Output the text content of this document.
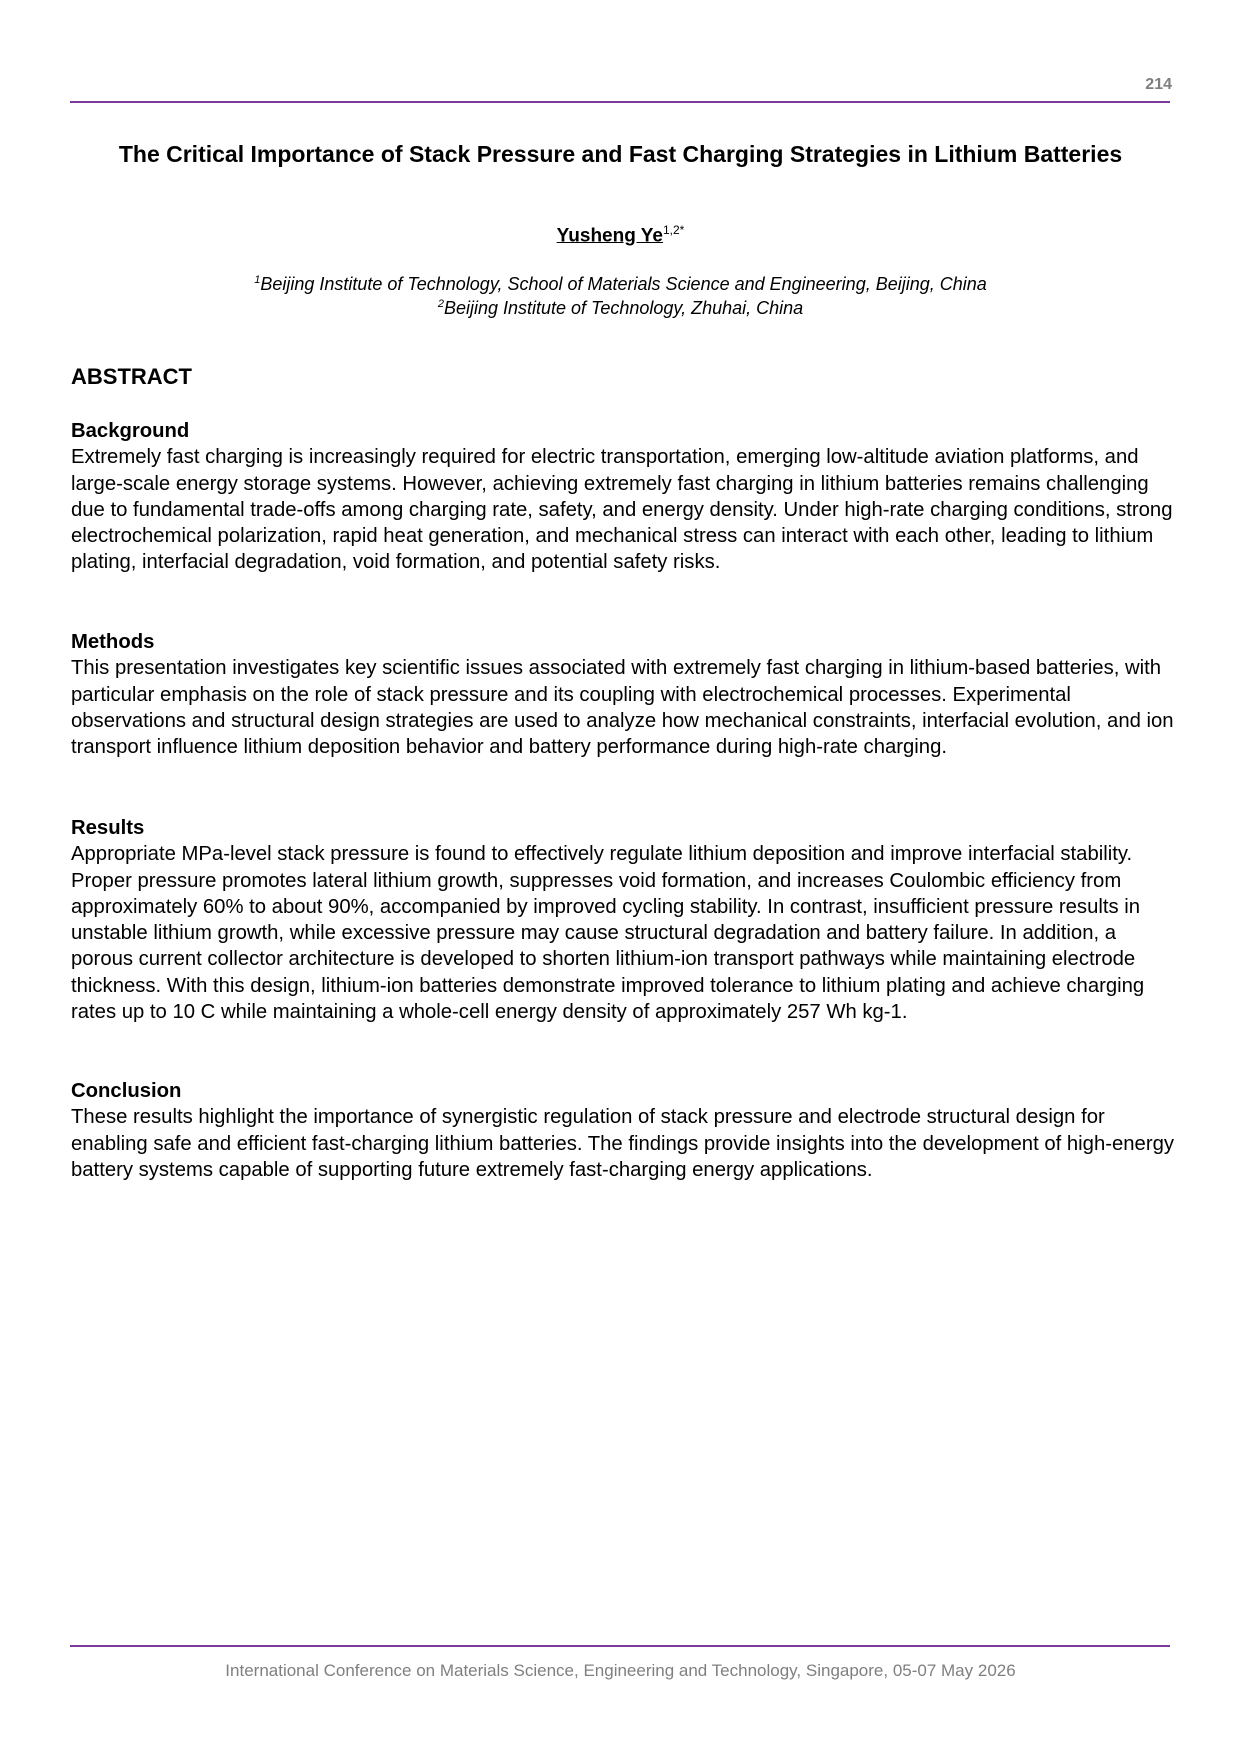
214
The Critical Importance of Stack Pressure and Fast Charging Strategies in Lithium Batteries
Yusheng $Ye^{1,2*}$
$^1$Beijing Institute of Technology, School of Materials Science and Engineering, Beijing, China
$^2$Beijing Institute of Technology, Zhuhai, China
ABSTRACT
Background
Extremely fast charging is increasingly required for electric transportation, emerging low-altitude aviation platforms, and large-scale energy storage systems. However, achieving extremely fast charging in lithium batteries remains challenging due to fundamental trade-offs among charging rate, safety, and energy density. Under high-rate charging conditions, strong electrochemical polarization, rapid heat generation, and mechanical stress can interact with each other, leading to lithium plating, interfacial degradation, void formation, and potential safety risks.
Methods
This presentation investigates key scientific issues associated with extremely fast charging in lithium-based batteries, with particular emphasis on the role of stack pressure and its coupling with electrochemical processes. Experimental observations and structural design strategies are used to analyze how mechanical constraints, interfacial evolution, and ion transport influence lithium deposition behavior and battery performance during high-rate charging.
Results
Appropriate MPa-level stack pressure is found to effectively regulate lithium deposition and improve interfacial stability. Proper pressure promotes lateral lithium growth, suppresses void formation, and increases Coulombic efficiency from approximately 60% to about 90%, accompanied by improved cycling stability. In contrast, insufficient pressure results in unstable lithium growth, while excessive pressure may cause structural degradation and battery failure. In addition, a porous current collector architecture is developed to shorten lithium-ion transport pathways while maintaining electrode thickness. With this design, lithium-ion batteries demonstrate improved tolerance to lithium plating and achieve charging rates up to 10 C while maintaining a whole-cell energy density of approximately 257 Wh kg-1.
Conclusion
These results highlight the importance of synergistic regulation of stack pressure and electrode structural design for enabling safe and efficient fast-charging lithium batteries. The findings provide insights into the development of high-energy battery systems capable of supporting future extremely fast-charging energy applications.
International Conference on Materials Science, Engineering and Technology, Singapore, 05-07 May 2026
